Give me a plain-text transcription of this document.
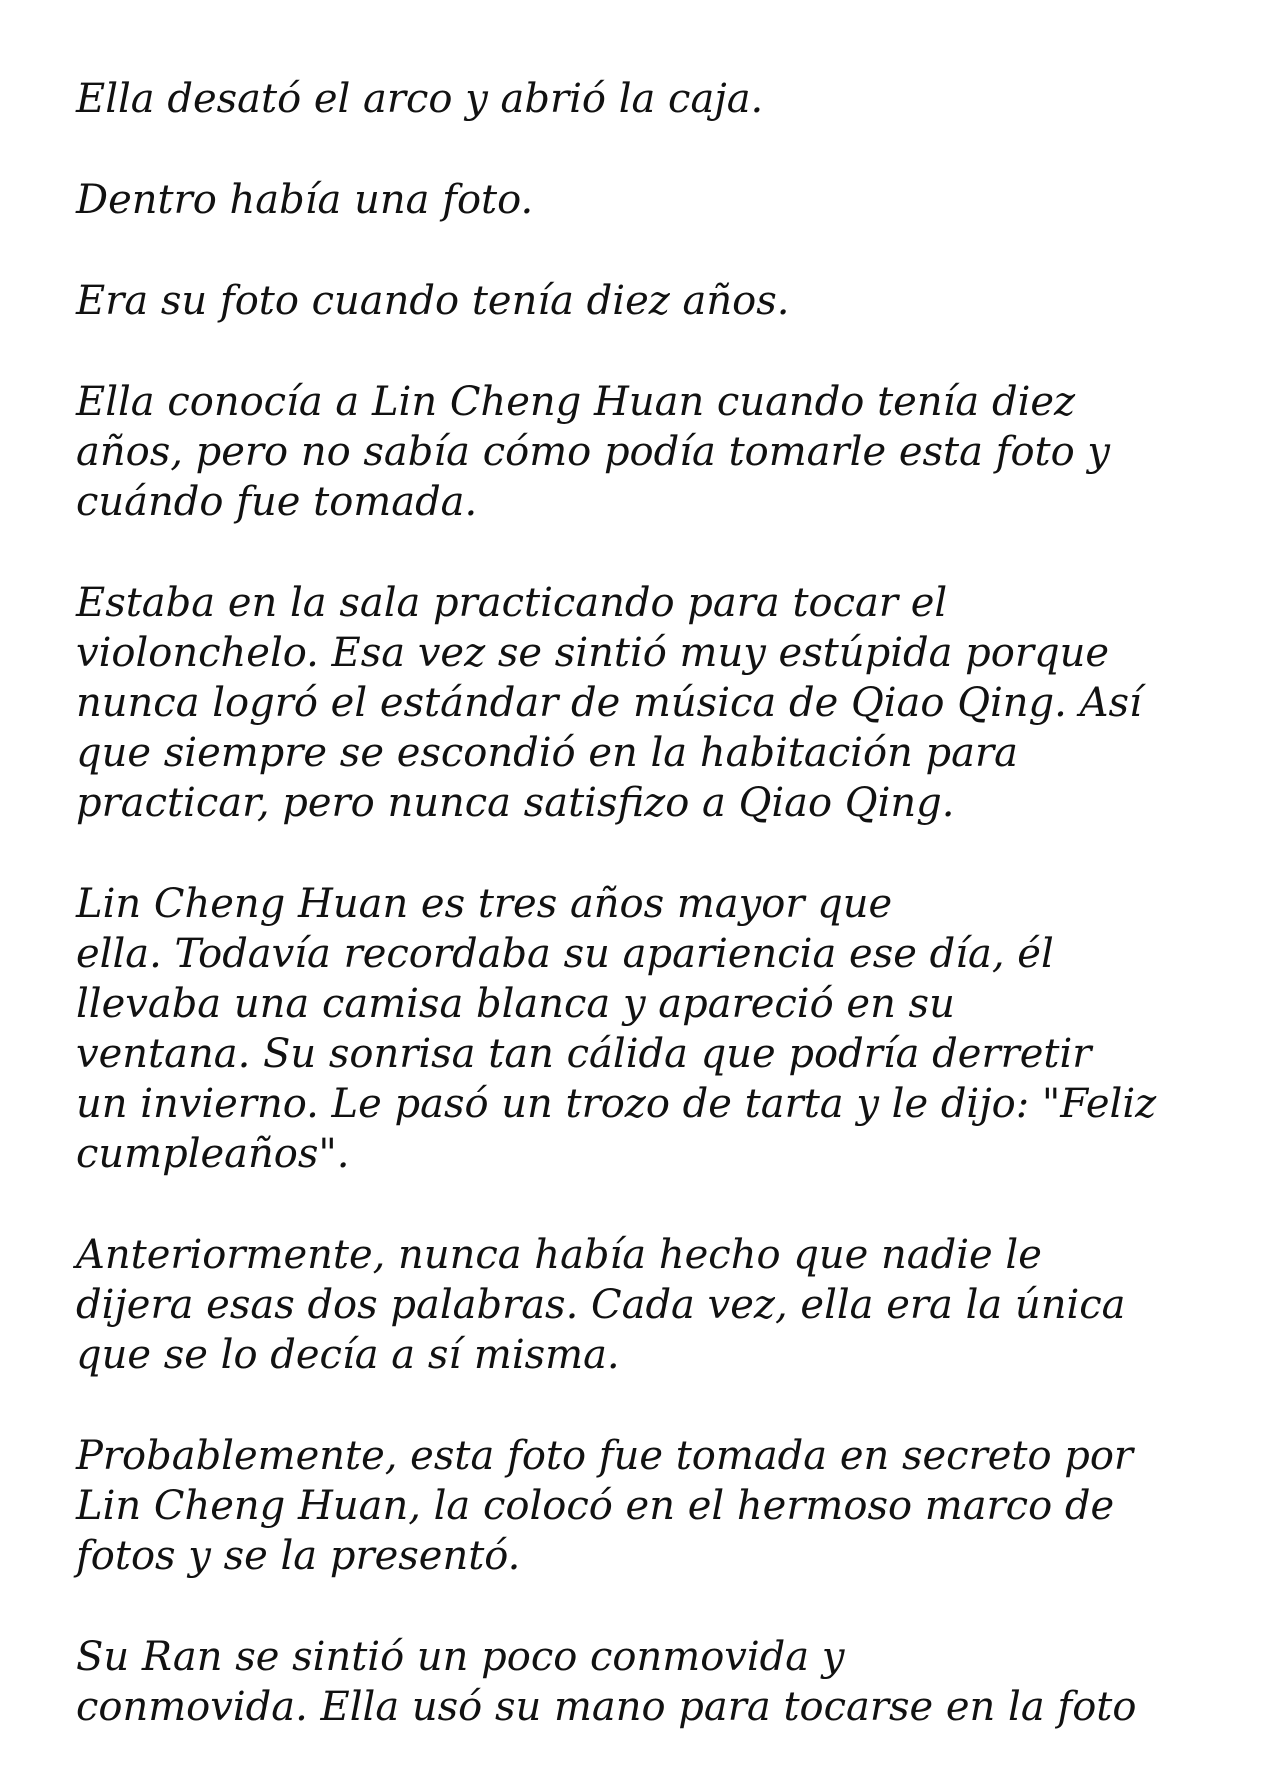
Ella desató el arco y abrió la caja.

Dentro había una foto.

Era su foto cuando tenía diez años.

Ella conocía a Lin Cheng Huan cuando tenía diez
años, pero no sabía cómo podía tomarle esta foto y
cuándo fue tomada.

Estaba en la sala practicando para tocar el
violonchelo. Esa vez se sintió muy estúpida porque
nunca logró el estándar de música de Qiao Qing. Así
que siempre se escondió en la habitación para
practicar, pero nunca satisfizo a Qiao Qing.

Lin Cheng Huan es tres años mayor que
ella. Todavía recordaba su apariencia ese día, él
llevaba una camisa blanca y apareció en su
ventana. Su sonrisa tan cálida que podría derretir
un invierno. Le pasó un trozo de tarta y le dijo: "Feliz
cumpleaños".

Anteriormente, nunca había hecho que nadie le
dijera esas dos palabras. Cada vez, ella era la única
que se lo decía a sí misma.

Probablemente, esta foto fue tomada en secreto por
Lin Cheng Huan, la colocó en el hermoso marco de
fotos y se la presentó.

Su Ran se sintió un poco conmovida y
conmovida. Ella usó su mano para tocarse en la foto
